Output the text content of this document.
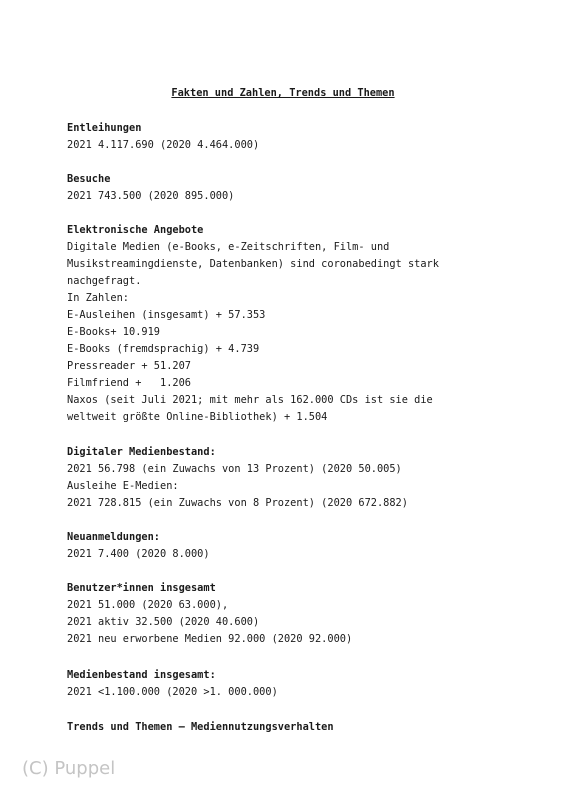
Fakten und Zahlen, Trends und Themen
Entleihungen
2021 4.117.690 (2020 4.464.000)
Besuche
2021 743.500 (2020 895.000)
Elektronische Angebote
Digitale Medien (e-Books, e-Zeitschriften, Film- und
Musikstreamingdienste, Datenbanken) sind coronabedingt stark
nachgefragt.
In Zahlen:
E-Ausleihen (insgesamt) + 57.353
E-Books+ 10.919
E-Books (fremdsprachig) + 4.739
Pressreader + 51.207
Filmfriend +   1.206
Naxos (seit Juli 2021; mit mehr als 162.000 CDs ist sie die
weltweit größte Online-Bibliothek) + 1.504
Digitaler Medienbestand:
2021 56.798 (ein Zuwachs von 13 Prozent) (2020 50.005)
Ausleihe E-Medien:
2021 728.815 (ein Zuwachs von 8 Prozent) (2020 672.882)
Neuanmeldungen:
2021 7.400 (2020 8.000)
Benutzer*innen insgesamt
2021 51.000 (2020 63.000),
2021 aktiv 32.500 (2020 40.600)
2021 neu erworbene Medien 92.000 (2020 92.000)
Medienbestand insgesamt:
2021 <1.100.000 (2020 >1. 000.000)
Trends und Themen – Mediennutzungsverhalten
(C) Puppel
